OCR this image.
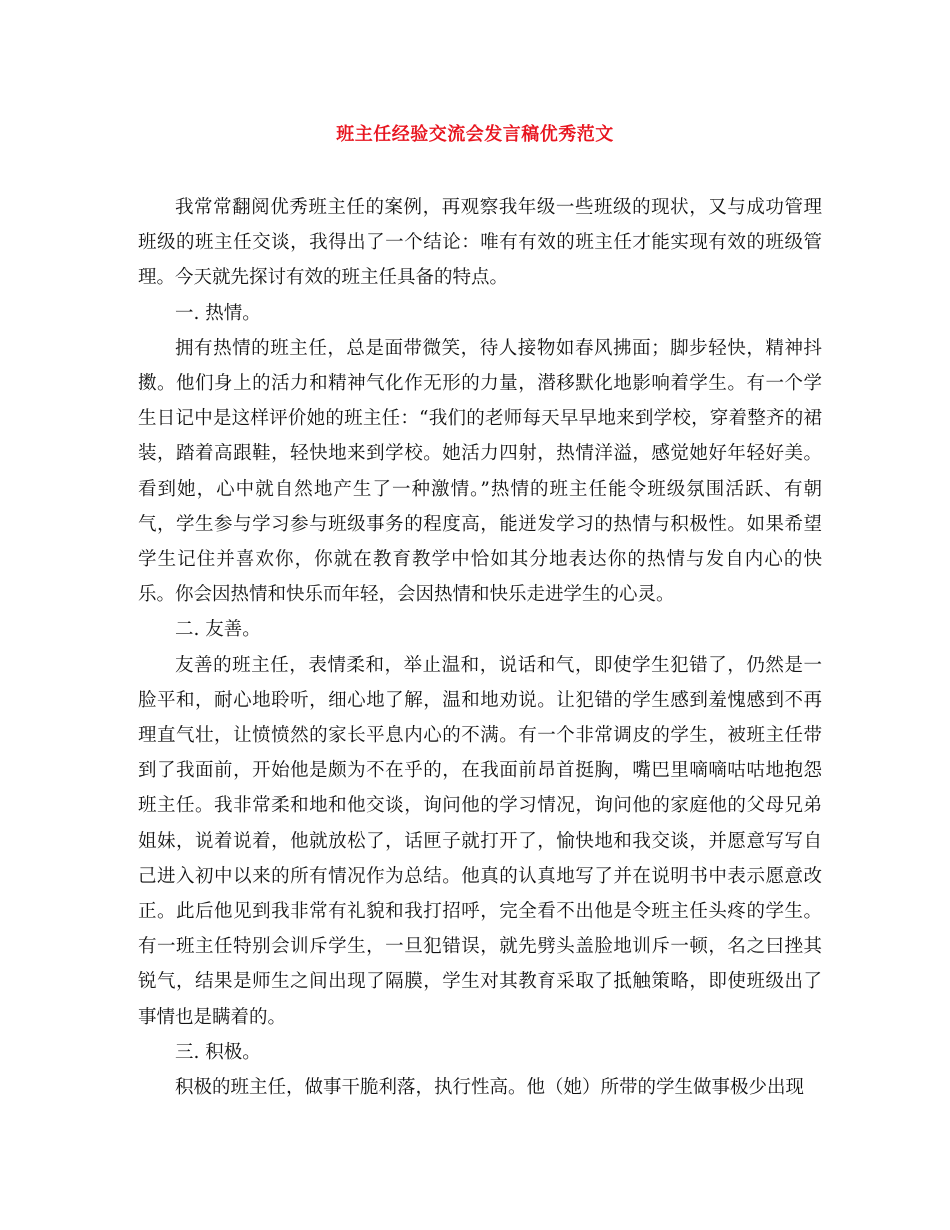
班主任经验交流会发言稿优秀范文

我常常翻阅优秀班主任的案例，再观察我年级一些班级的现状，又与成功管理班级的班主任交谈，我得出了一个结论：唯有有效的班主任才能实现有效的班级管理。今天就先探讨有效的班主任具备的特点。

一. 热情。

拥有热情的班主任，总是面带微笑，待人接物如春风拂面；脚步轻快，精神抖擞。他们身上的活力和精神气化作无形的力量，潜移默化地影响着学生。有一个学生日记中是这样评价她的班主任：“我们的老师每天早早地来到学校，穿着整齐的裙装，踏着高跟鞋，轻快地来到学校。她活力四射，热情洋溢，感觉她好年轻好美。看到她，心中就自然地产生了一种激情。”热情的班主任能令班级氛围活跃、有朝气，学生参与学习参与班级事务的程度高，能迸发学习的热情与积极性。如果希望学生记住并喜欢你，你就在教育教学中恰如其分地表达你的热情与发自内心的快乐。你会因热情和快乐而年轻，会因热情和快乐走进学生的心灵。

二. 友善。

友善的班主任，表情柔和，举止温和，说话和气，即使学生犯错了，仍然是一脸平和，耐心地聆听，细心地了解，温和地劝说。让犯错的学生感到羞愧感到不再理直气壮，让愤愤然的家长平息内心的不满。有一个非常调皮的学生，被班主任带到了我面前，开始他是颇为不在乎的，在我面前昂首挺胸，嘴巴里嘀嘀咕咕地抱怨班主任。我非常柔和地和他交谈，询问他的学习情况，询问他的家庭他的父母兄弟姐妹，说着说着，他就放松了，话匣子就打开了，愉快地和我交谈，并愿意写写自己进入初中以来的所有情况作为总结。他真的认真地写了并在说明书中表示愿意改正。此后他见到我非常有礼貌和我打招呼，完全看不出他是令班主任头疼的学生。有一班主任特别会训斥学生，一旦犯错误，就先劈头盖脸地训斥一顿，名之曰挫其锐气，结果是师生之间出现了隔膜，学生对其教育采取了抵触策略，即使班级出了事情也是瞒着的。

三. 积极。

积极的班主任，做事干脆利落，执行性高。他（她）所带的学生做事极少出现
